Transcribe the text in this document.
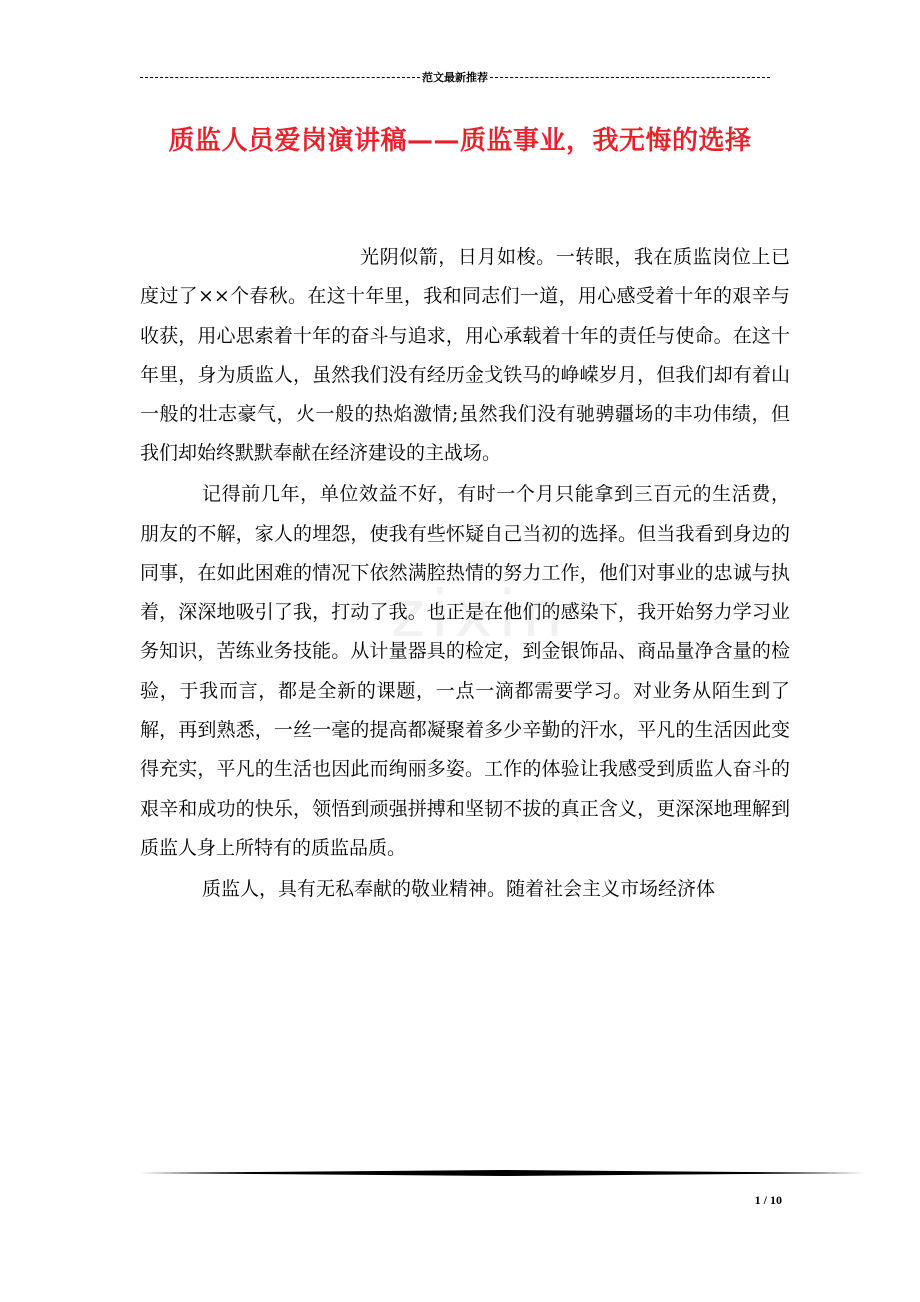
范文最新推荐
质监人员爱岗演讲稿——质监事业，我无悔的选择
zixin

光阴似箭，日月如梭。一转眼，我在质监岗位上已度过了××个春秋。在这十年里，我和同志们一道，用心感受着十年的艰辛与收获，用心思索着十年的奋斗与追求，用心承载着十年的责任与使命。在这十年里，身为质监人，虽然我们没有经历金戈铁马的峥嵘岁月，但我们却有着山一般的壮志豪气，火一般的热焰激情;虽然我们没有驰骋疆场的丰功伟绩，但我们却始终默默奉献在经济建设的主战场。

记得前几年，单位效益不好，有时一个月只能拿到三百元的生活费，朋友的不解，家人的埋怨，使我有些怀疑自己当初的选择。但当我看到身边的同事，在如此困难的情况下依然满腔热情的努力工作，他们对事业的忠诚与执着，深深地吸引了我，打动了我。也正是在他们的感染下，我开始努力学习业务知识，苦练业务技能。从计量器具的检定，到金银饰品、商品量净含量的检验，于我而言，都是全新的课题，一点一滴都需要学习。对业务从陌生到了解，再到熟悉，一丝一毫的提高都凝聚着多少辛勤的汗水，平凡的生活因此变得充实，平凡的生活也因此而绚丽多姿。工作的体验让我感受到质监人奋斗的艰辛和成功的快乐，领悟到顽强拼搏和坚韧不拔的真正含义，更深深地理解到质监人身上所特有的质监品质。

质监人，具有无私奉献的敬业精神。随着社会主义市场经济体

1 / 10
